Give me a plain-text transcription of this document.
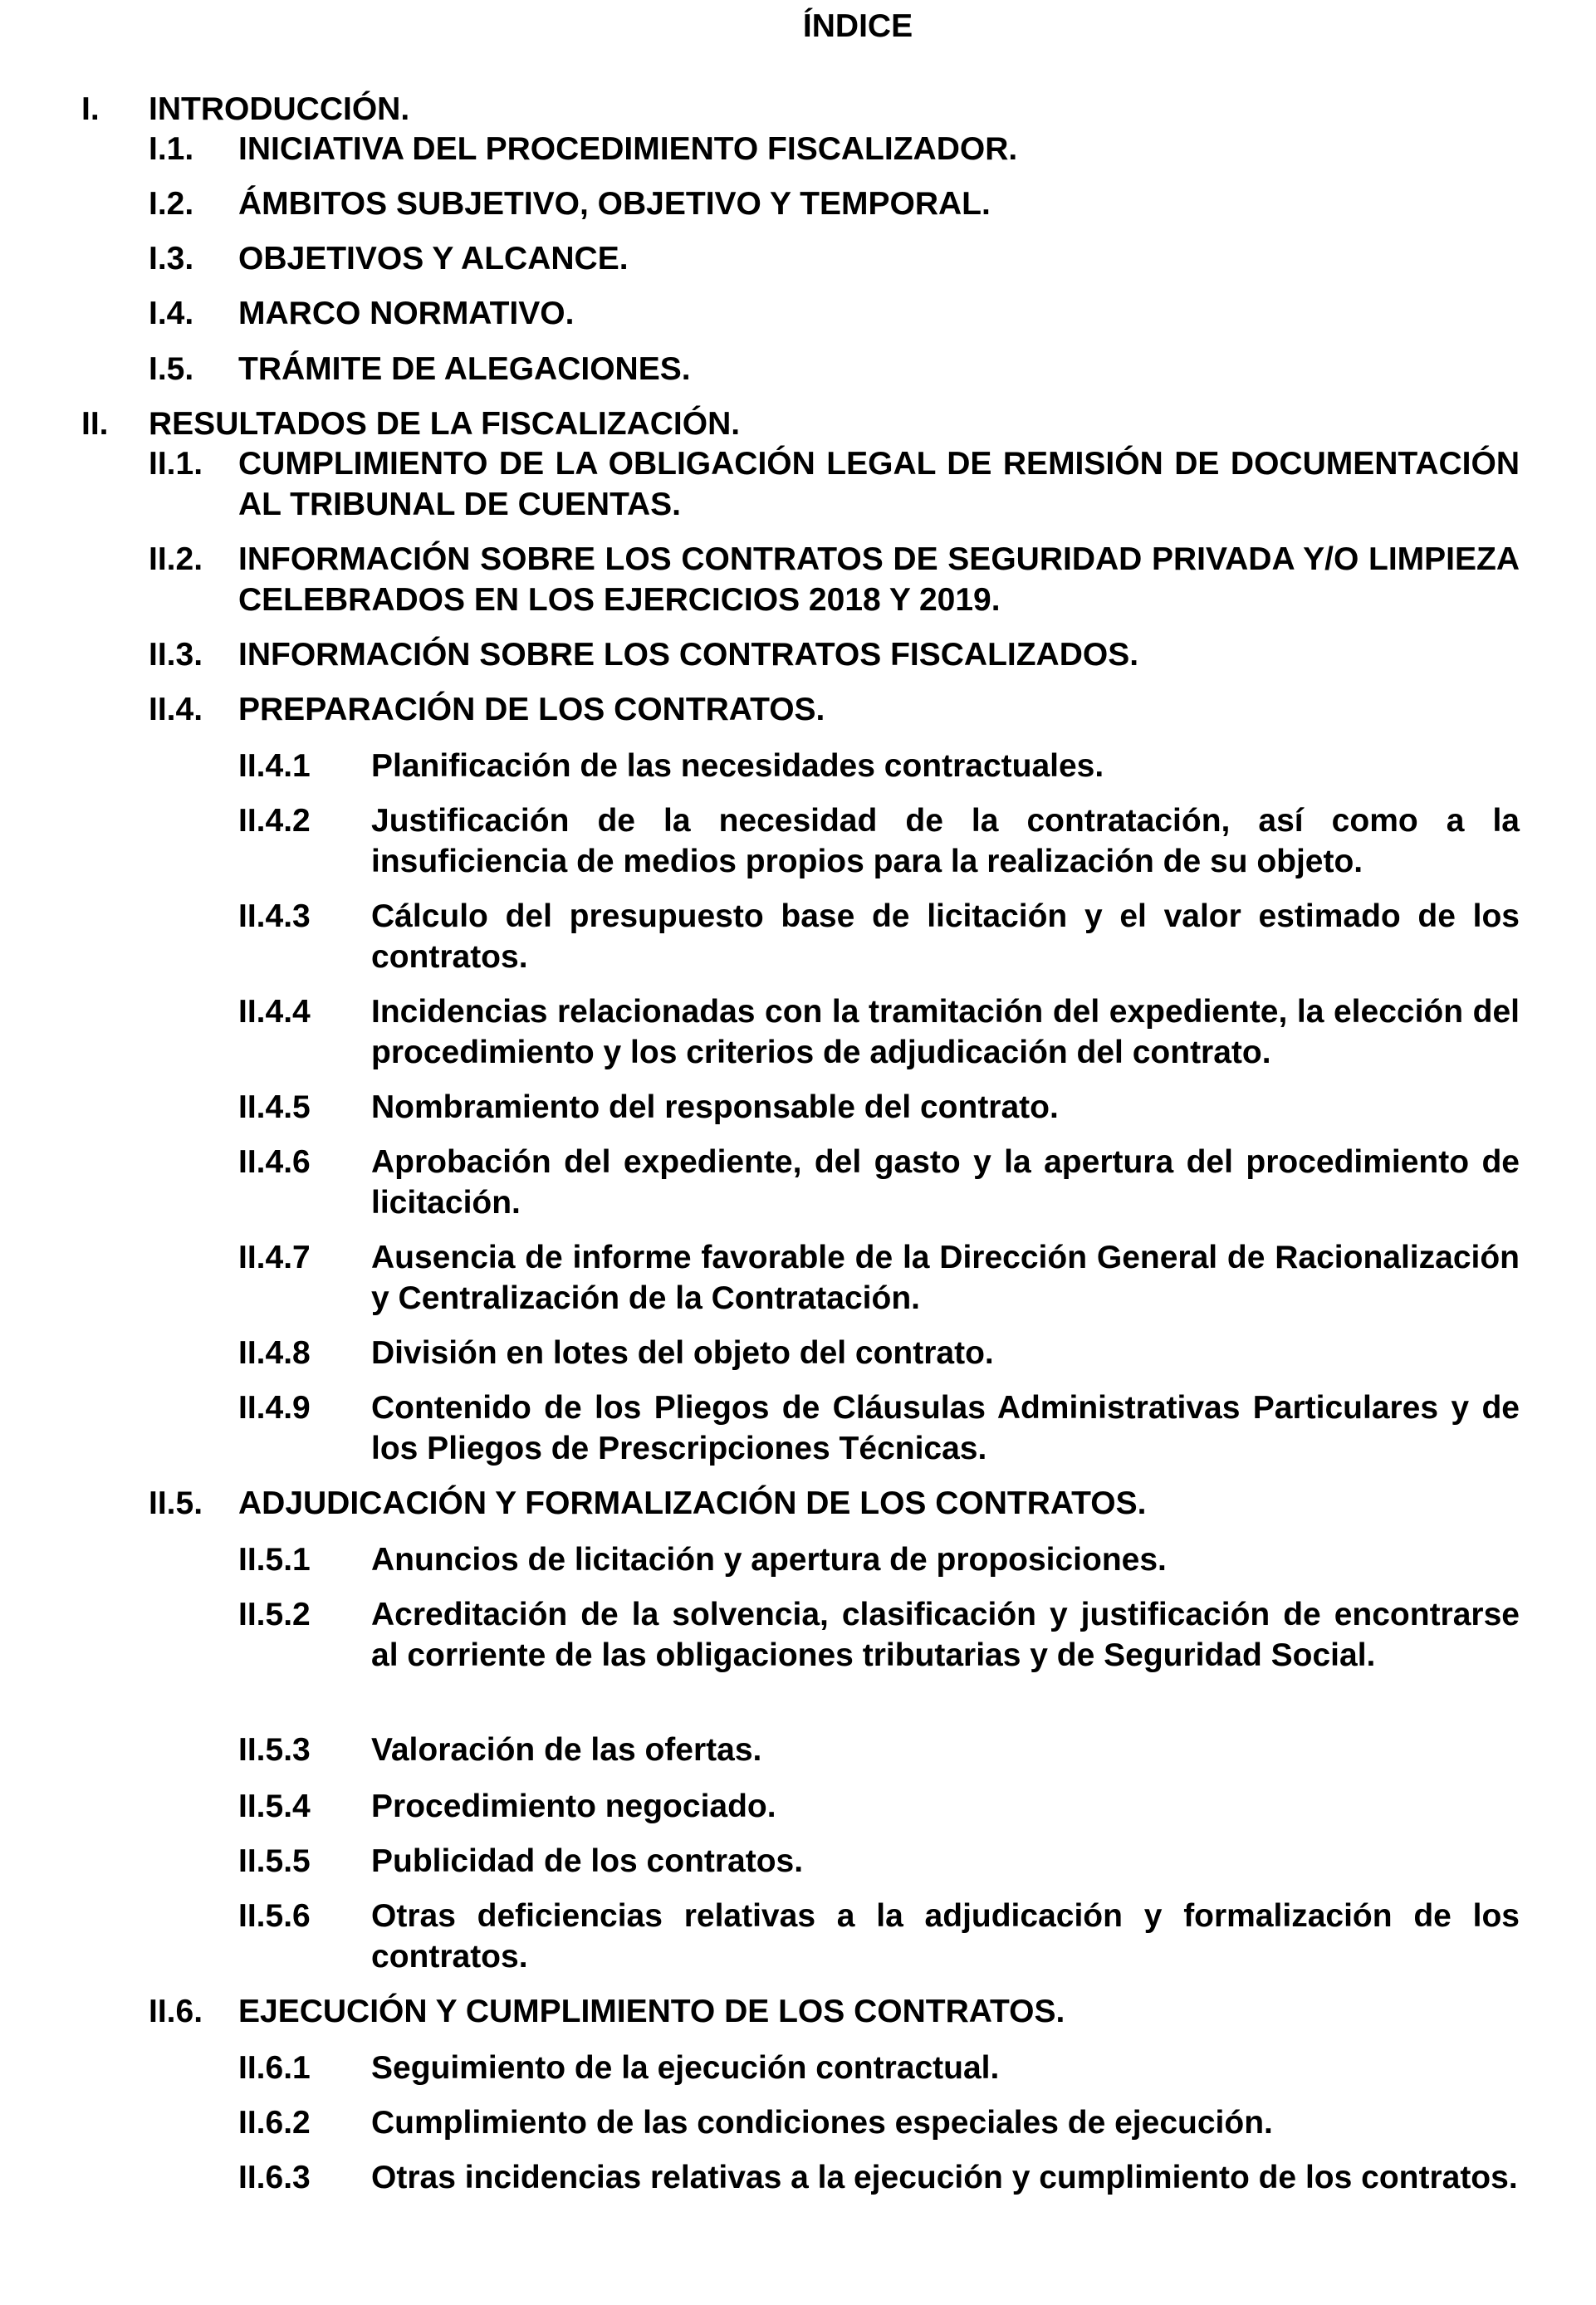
ÍNDICE
I.	INTRODUCCIÓN.
I.1.	INICIATIVA DEL PROCEDIMIENTO FISCALIZADOR.
I.2.	ÁMBITOS SUBJETIVO, OBJETIVO Y TEMPORAL.
I.3.	OBJETIVOS Y ALCANCE.
I.4.	MARCO NORMATIVO.
I.5.	TRÁMITE DE ALEGACIONES.
II.	RESULTADOS DE LA FISCALIZACIÓN.
II.1.	CUMPLIMIENTO DE LA OBLIGACIÓN LEGAL DE REMISIÓN DE DOCUMENTACIÓN AL TRIBUNAL DE CUENTAS.
II.2.	INFORMACIÓN SOBRE LOS CONTRATOS DE SEGURIDAD PRIVADA Y/O LIMPIEZA CELEBRADOS EN LOS EJERCICIOS 2018 Y 2019.
II.3.	INFORMACIÓN SOBRE LOS CONTRATOS FISCALIZADOS.
II.4.	PREPARACIÓN DE LOS CONTRATOS.
II.4.1	Planificación de las necesidades contractuales.
II.4.2	Justificación de la necesidad de la contratación, así como a la insuficiencia de medios propios para la realización de su objeto.
II.4.3	Cálculo del presupuesto base de licitación y el valor estimado de los contratos.
II.4.4	Incidencias relacionadas con la tramitación del expediente, la elección del procedimiento y los criterios de adjudicación del contrato.
II.4.5	Nombramiento del responsable del contrato.
II.4.6	Aprobación del expediente, del gasto y la apertura del procedimiento de licitación.
II.4.7	Ausencia de informe favorable de la Dirección General de Racionalización y Centralización de la Contratación.
II.4.8	División en lotes del objeto del contrato.
II.4.9	Contenido de los Pliegos de Cláusulas Administrativas Particulares y de los Pliegos de Prescripciones Técnicas.
II.5.	ADJUDICACIÓN Y FORMALIZACIÓN DE LOS CONTRATOS.
II.5.1	Anuncios de licitación y apertura de proposiciones.
II.5.2	Acreditación de la solvencia, clasificación y justificación de encontrarse al corriente de las obligaciones tributarias y de Seguridad Social.
II.5.3	Valoración de las ofertas.
II.5.4	Procedimiento negociado.
II.5.5	Publicidad de los contratos.
II.5.6	Otras deficiencias relativas a la adjudicación y formalización de los contratos.
II.6.	EJECUCIÓN Y CUMPLIMIENTO DE LOS CONTRATOS.
II.6.1	Seguimiento de la ejecución contractual.
II.6.2	Cumplimiento de las condiciones especiales de ejecución.
II.6.3	Otras incidencias relativas a la ejecución y cumplimiento de los contratos.
